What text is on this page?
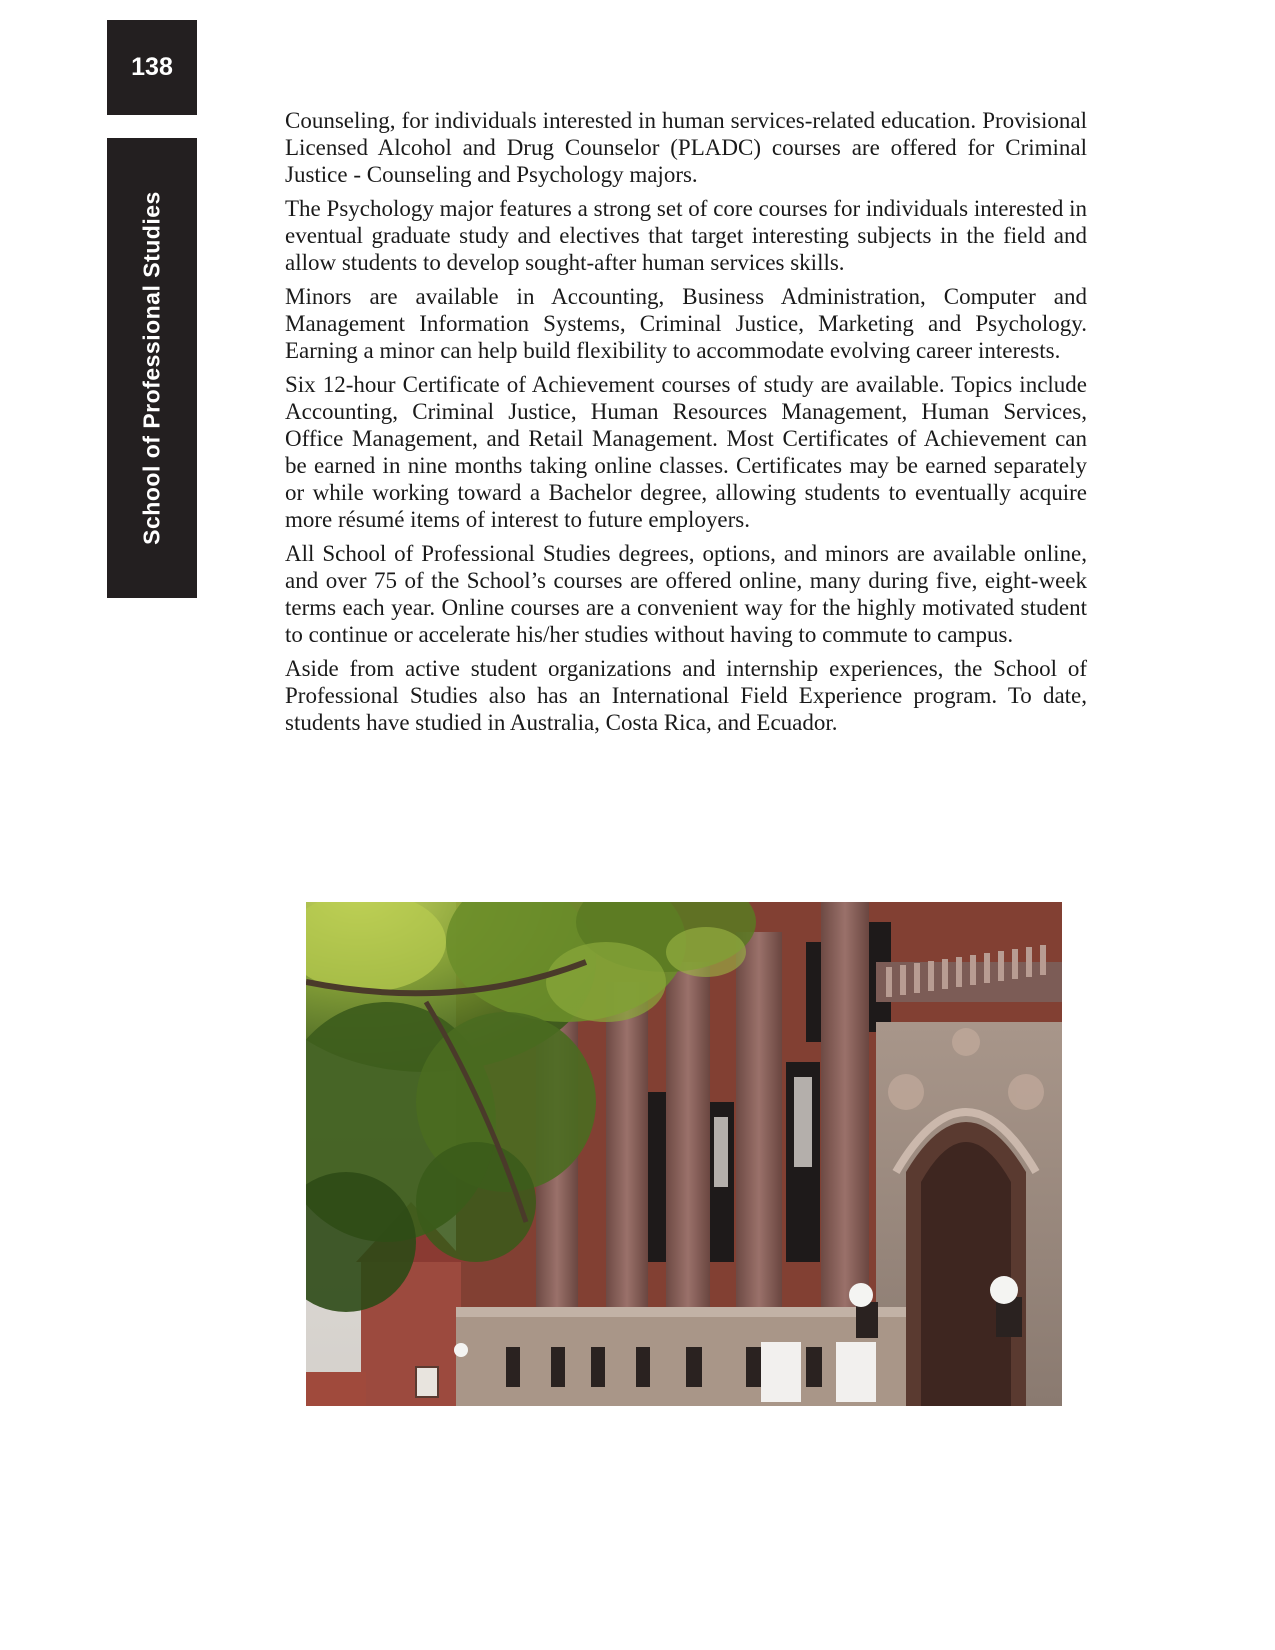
138
School of Professional Studies

Counseling, for individuals interested in human services-related education. Provisional Licensed Alcohol and Drug Counselor (PLADC) courses are offered for Criminal Justice - Counseling and Psychology majors.

The Psychology major features a strong set of core courses for individuals interested in eventual graduate study and electives that target interesting subjects in the field and allow students to develop sought-after human services skills.

Minors are available in Accounting, Business Administration, Computer and Management Information Systems, Criminal Justice, Marketing and Psychology. Earning a minor can help build flexibility to accommodate evolving career interests.

Six 12-hour Certificate of Achievement courses of study are available. Topics include Accounting, Criminal Justice, Human Resources Management, Human Services, Office Management, and Retail Management. Most Certificates of Achievement can be earned in nine months taking online classes. Certificates may be earned separately or while working toward a Bachelor degree, allowing students to eventually acquire more résumé items of interest to future employers.

All School of Professional Studies degrees, options, and minors are available online, and over 75 of the School’s courses are offered online, many during five, eight-week terms each year. Online courses are a convenient way for the highly motivated student to continue or accelerate his/her studies without having to commute to campus.

Aside from active student organizations and internship experiences, the School of Professional Studies also has an International Field Experience program. To date, students have studied in Australia, Costa Rica, and Ecuador.
